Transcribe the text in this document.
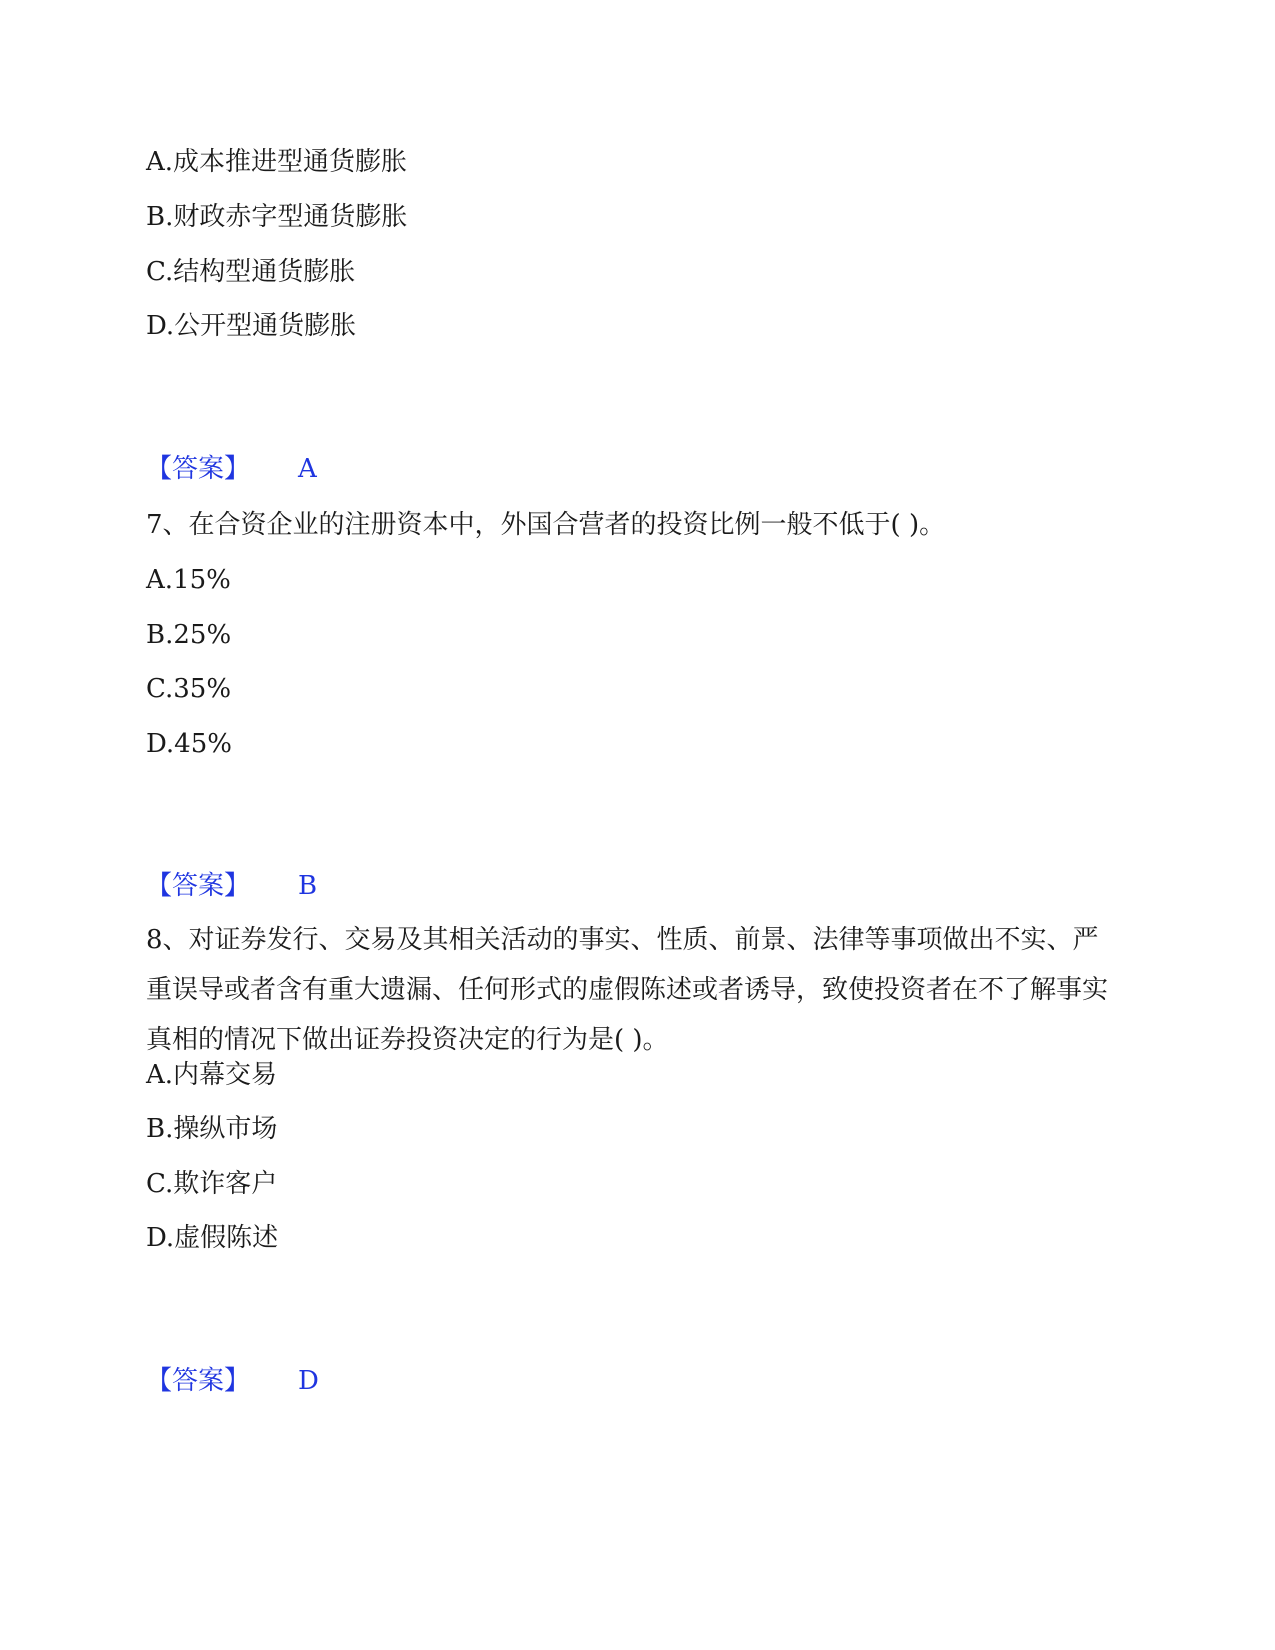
A.成本推进型通货膨胀
B.财政赤字型通货膨胀
C.结构型通货膨胀
D.公开型通货膨胀
【答案】 A
7、在合资企业的注册资本中，外国合营者的投资比例一般不低于( )。
A.15%
B.25%
C.35%
D.45%
【答案】 B
8、对证券发行、交易及其相关活动的事实、性质、前景、法律等事项做出不实、严重误导或者含有重大遗漏、任何形式的虚假陈述或者诱导，致使投资者在不了解事实真相的情况下做出证券投资决定的行为是( )。
A.内幕交易
B.操纵市场
C.欺诈客户
D.虚假陈述
【答案】 D
